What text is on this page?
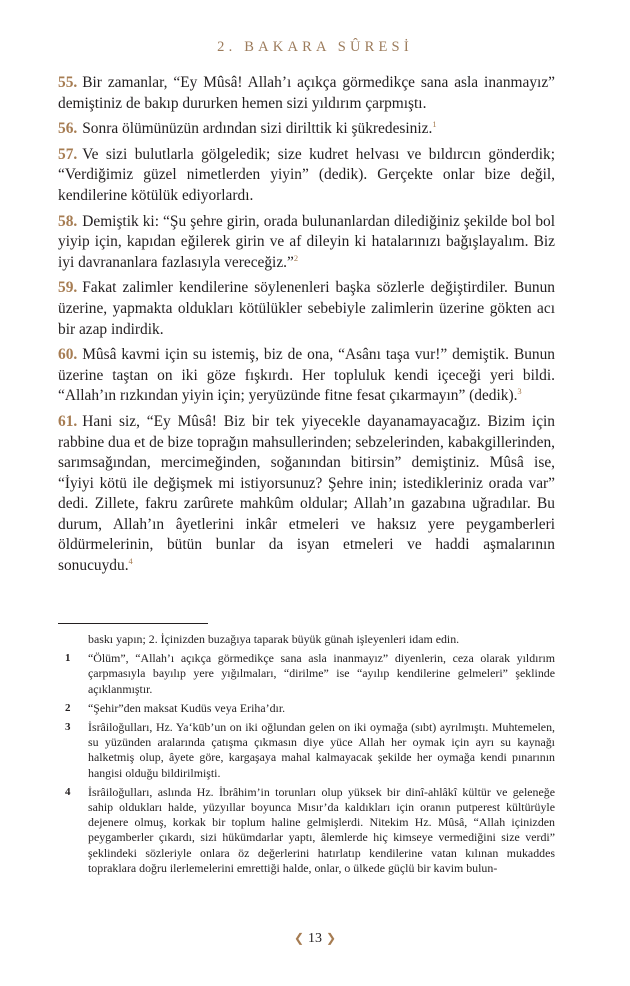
2. BAKARA SÛRESİ

55. Bir zamanlar, “Ey Mûsâ! Allah’ı açıkça görmedikçe sana asla inanmayız” demiştiniz de bakıp dururken hemen sizi yıldırım çarpmıştı.

56. Sonra ölümünüzün ardından sizi dirilttik ki şükredesiniz.$^1$

57. Ve sizi bulutlarla gölgeledik; size kudret helvası ve bıldırcın gönderdik; “Verdiğimiz güzel nimetlerden yiyin” (dedik). Gerçekte onlar bize değil, kendilerine kötülük ediyorlardı.

58. Demiştik ki: “Şu şehre girin, orada bulunanlardan dilediğiniz şekilde bol bol yiyip için, kapıdan eğilerek girin ve af dileyin ki hatalarınızı bağışlayalım. Biz iyi davrananlara fazlasıyla vereceğiz.”$^2$

59. Fakat zalimler kendilerine söylenenleri başka sözlerle değiştirdiler. Bunun üzerine, yapmakta oldukları kötülükler sebebiyle zalimlerin üzerine gökten acı bir azap indirdik.

60. Mûsâ kavmi için su istemiş, biz de ona, “Asânı taşa vur!” demiştik. Bunun üzerine taştan on iki göze fışkırdı. Her topluluk kendi içeceği yeri bildi. “Allah’ın rızkından yiyin için; yeryüzünde fitne fesat çıkarmayın” (dedik).$^3$

61. Hani siz, “Ey Mûsâ! Biz bir tek yiyecekle dayanamayacağız. Bizim için rabbine dua et de bize toprağın mahsullerinden; sebzelerinden, kabakgillerinden, sarımsağından, mercimeğinden, soğanından bitirsin” demiştiniz. Mûsâ ise, “İyiyi kötü ile değişmek mi istiyorsunuz? Şehre inin; istedikleriniz orada var” dedi. Zillete, fakru zarûrete mahkûm oldular; Allah’ın gazabına uğradılar. Bu durum, Allah’ın âyetlerini inkâr etmeleri ve haksız yere peygamberleri öldürmelerinin, bütün bunlar da isyan etmeleri ve haddi aşmalarının sonucuydu.$^4$

baskı yapın; 2. İçinizden buzağıya taparak büyük günah işleyenleri idam edin.
1 “Ölüm”, “Allah’ı açıkça görmedikçe sana asla inanmayız” diyenlerin, ceza olarak yıldırım çarpmasıyla bayılıp yere yığılmaları, “dirilme” ise “ayılıp kendilerine gelmeleri” şeklinde açıklanmıştır.
2 “Şehir”den maksat Kudüs veya Eriha’dır.
3 İsrâiloğulları, Hz. Ya‘kūb’un on iki oğlundan gelen on iki oymağa (sıbt) ayrılmıştı. Muhtemelen, su yüzünden aralarında çatışma çıkmasın diye yüce Allah her oymak için ayrı su kaynağı halketmiş olup, âyete göre, kargaşaya mahal kalmayacak şekilde her oymağa kendi pınarının hangisi olduğu bildirilmişti.
4 İsrâiloğulları, aslında Hz. İbrâhim’in torunları olup yüksek bir dinî-ahlâkî kültür ve geleneğe sahip oldukları halde, yüzyıllar boyunca Mısır’da kaldıkları için oranın putperest kültürüyle dejenere olmuş, korkak bir toplum haline gelmişlerdi. Nitekim Hz. Mûsâ, “Allah içinizden peygamberler çıkardı, sizi hükümdarlar yaptı, âlemlerde hiç kimseye vermediğini size verdi” şeklindeki sözleriyle onlara öz değerlerini hatırlatıp kendilerine vatan kılınan mukaddes topraklara doğru ilerlemelerini emrettiği halde, onlar, o ülkede güçlü bir kavim bulun-
❮ 13 ❯
